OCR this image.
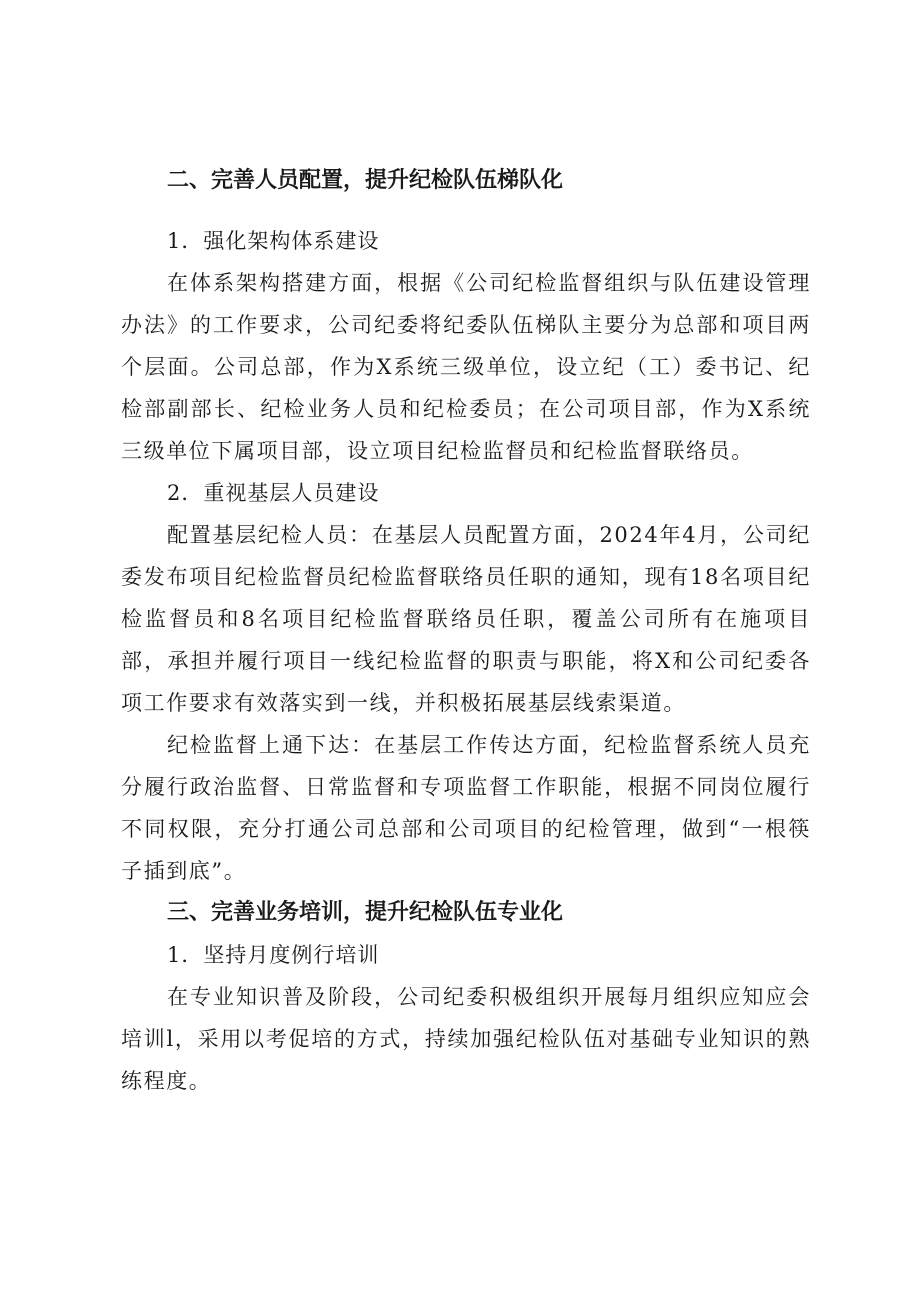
二、完善人员配置，提升纪检队伍梯队化

1．强化架构体系建设

在体系架构搭建方面，根据《公司纪检监督组织与队伍建设管理办法》的工作要求，公司纪委将纪委队伍梯队主要分为总部和项目两个层面。公司总部，作为X系统三级单位，设立纪（工）委书记、纪检部副部长、纪检业务人员和纪检委员；在公司项目部，作为X系统三级单位下属项目部，设立项目纪检监督员和纪检监督联络员。

2．重视基层人员建设

配置基层纪检人员：在基层人员配置方面，2024年4月，公司纪委发布项目纪检监督员纪检监督联络员任职的通知，现有18名项目纪检监督员和8名项目纪检监督联络员任职，覆盖公司所有在施项目部，承担并履行项目一线纪检监督的职责与职能，将X和公司纪委各项工作要求有效落实到一线，并积极拓展基层线索渠道。

纪检监督上通下达：在基层工作传达方面，纪检监督系统人员充分履行政治监督、日常监督和专项监督工作职能，根据不同岗位履行不同权限，充分打通公司总部和公司项目的纪检管理，做到“一根筷子插到底”。

三、完善业务培训，提升纪检队伍专业化

1．坚持月度例行培训

在专业知识普及阶段，公司纪委积极组织开展每月组织应知应会培训l，采用以考促培的方式，持续加强纪检队伍对基础专业知识的熟练程度。
